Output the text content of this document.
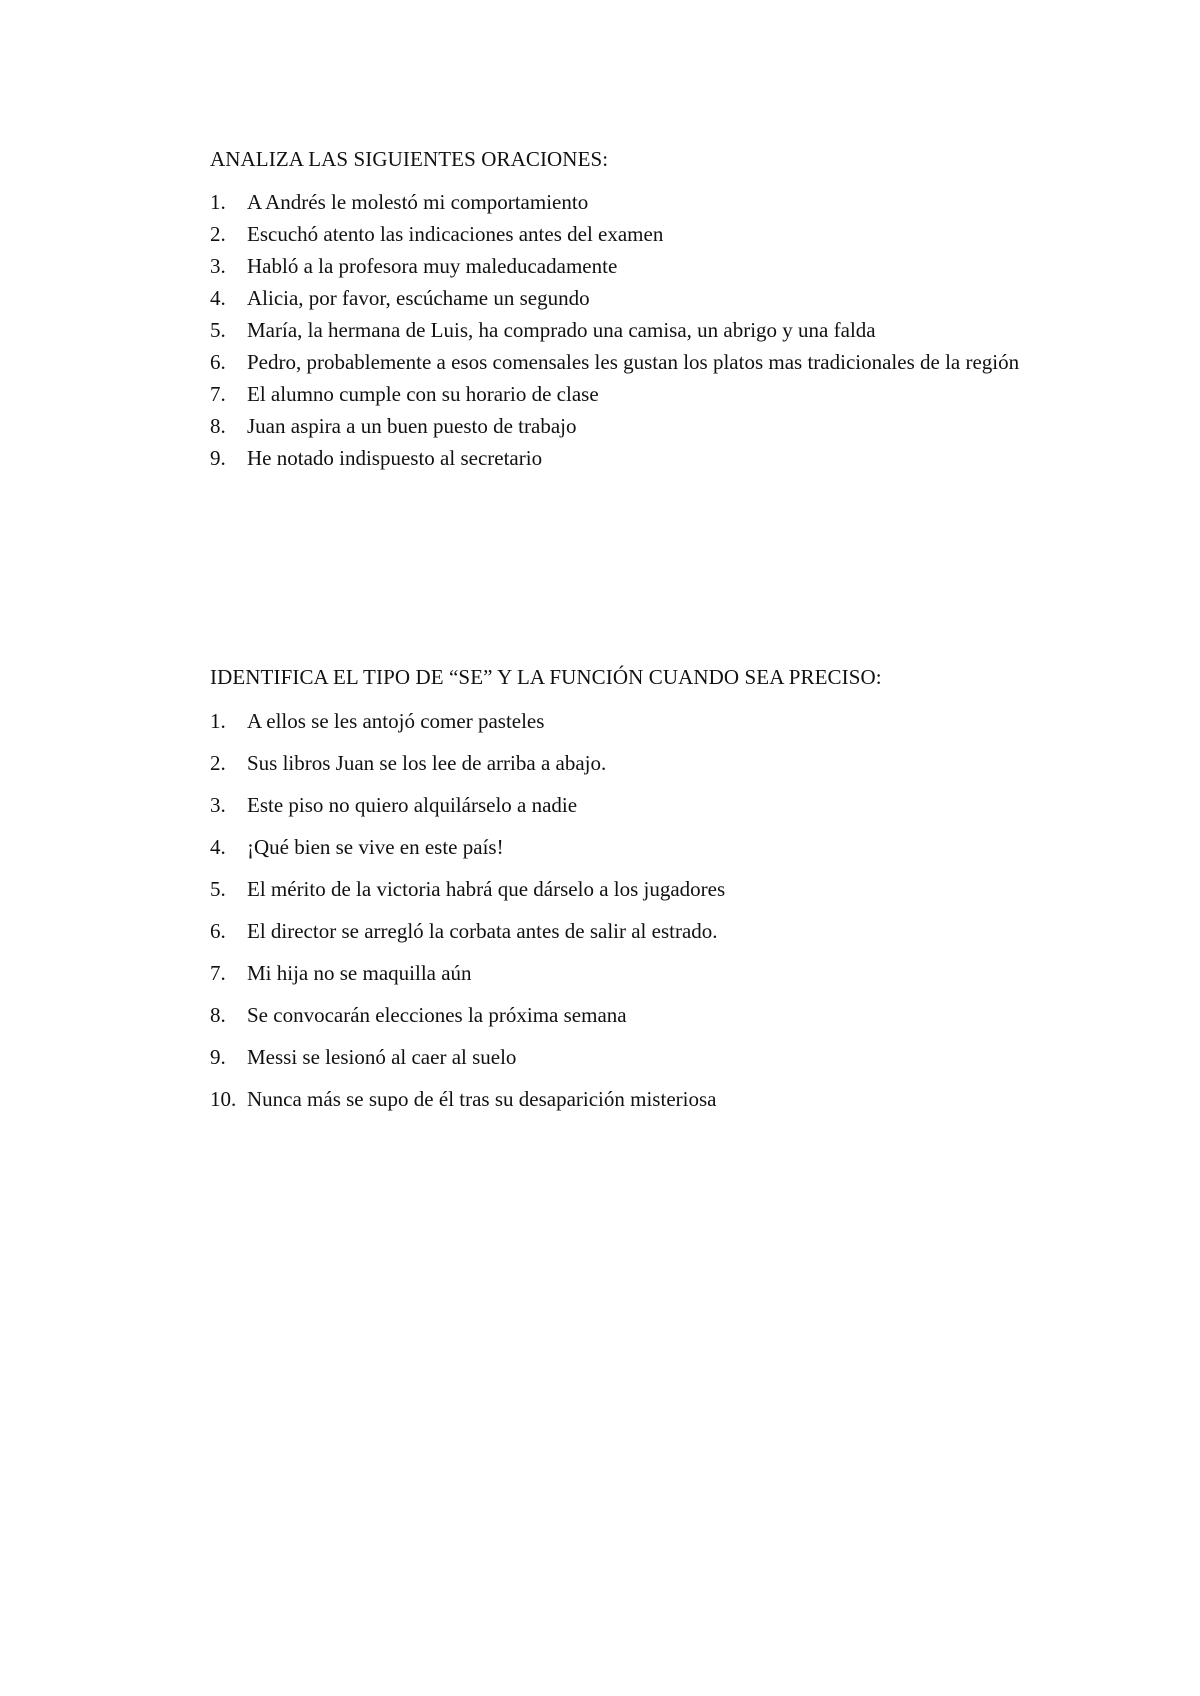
ANALIZA LAS SIGUIENTES ORACIONES:
1.	A Andrés le molestó mi comportamiento
2.	Escuchó atento las indicaciones antes del examen
3.	Habló a la profesora muy maleducadamente
4.	Alicia, por favor, escúchame un segundo
5.	María, la hermana de Luis, ha comprado una camisa, un abrigo y una falda
6.	Pedro, probablemente a esos comensales les gustan los platos mas tradicionales de la región
7.	El alumno cumple con su horario de clase
8.	Juan aspira a un buen puesto de trabajo
9.	He notado indispuesto al secretario
IDENTIFICA EL TIPO DE “SE” Y LA FUNCIÓN CUANDO SEA PRECISO:
1.	A ellos se les antojó comer pasteles
2.	Sus libros Juan se los lee de arriba a abajo.
3.	Este piso no quiero alquilárselo a nadie
4.	¡Qué bien se vive en este país!
5.	El mérito de la victoria habrá que dárselo a los jugadores
6.	El director se arregló la corbata antes de salir al estrado.
7.	Mi hija no se maquilla aún
8.	Se convocarán elecciones la próxima semana
9.	Messi se lesionó al caer al suelo
10. Nunca más se supo de él tras su desaparición misteriosa
